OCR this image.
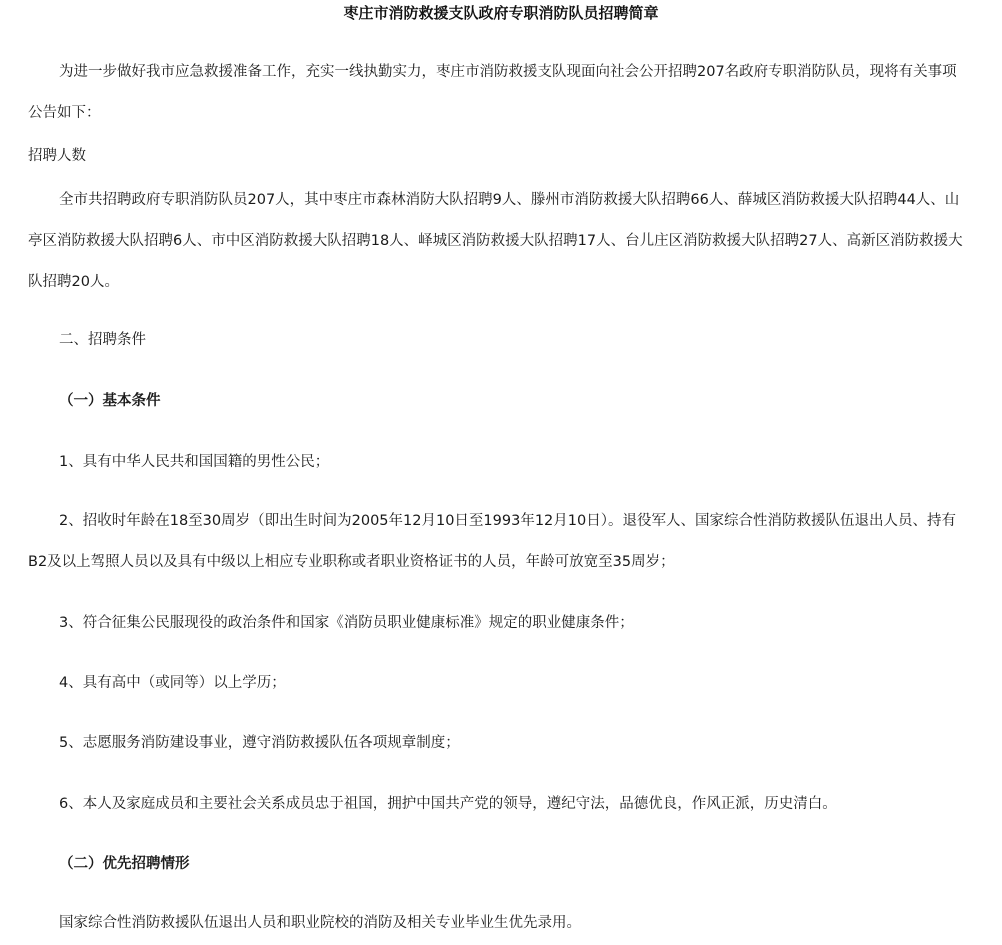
枣庄市消防救援支队政府专职消防队员招聘简章
为进一步做好我市应急救援准备工作，充实一线执勤实力，枣庄市消防救援支队现面向社会公开招聘207名政府专职消防队员，现将有关事项公告如下：
招聘人数
全市共招聘政府专职消防队员207人，其中枣庄市森林消防大队招聘9人、滕州市消防救援大队招聘66人、薛城区消防救援大队招聘44人、山亭区消防救援大队招聘6人、市中区消防救援大队招聘18人、峄城区消防救援大队招聘17人、台儿庄区消防救援大队招聘27人、高新区消防救援大队招聘20人。
二、招聘条件
（一）基本条件
1、具有中华人民共和国国籍的男性公民；
2、招收时年龄在18至30周岁（即出生时间为2005年12月10日至1993年12月10日）。退役军人、国家综合性消防救援队伍退出人员、持有B2及以上驾照人员以及具有中级以上相应专业职称或者职业资格证书的人员，年龄可放宽至35周岁；
3、符合征集公民服现役的政治条件和国家《消防员职业健康标准》规定的职业健康条件；
4、具有高中（或同等）以上学历；
5、志愿服务消防建设事业，遵守消防救援队伍各项规章制度；
6、本人及家庭成员和主要社会关系成员忠于祖国，拥护中国共产党的领导，遵纪守法，品德优良，作风正派，历史清白。
（二）优先招聘情形
国家综合性消防救援队伍退出人员和职业院校的消防及相关专业毕业生优先录用。
